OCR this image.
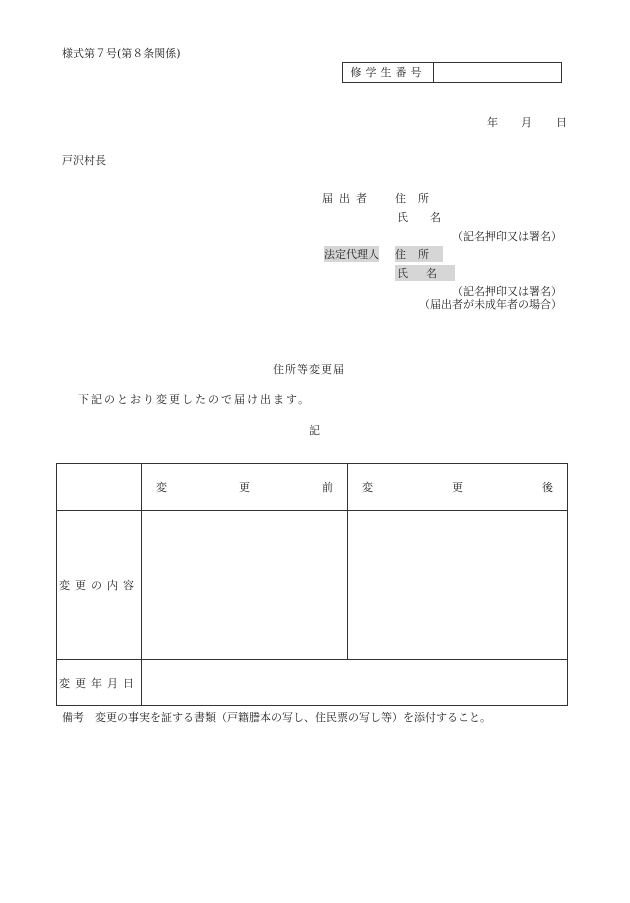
様式第７号(第８条関係)
修学生番号
年 月 日
戸沢村長
届出者 住所
氏名
（記名押印又は署名）
法定代理人 住所
氏名
（記名押印又は署名）
（届出者が未成年者の場合）
住所等変更届
下記のとおり変更したので届け出ます。
記

	変 更 前	変 更 後

変更の内容		
変更年月日		
備考　変更の事実を証する書類（戸籍謄本の写し、住民票の写し等）を添付すること。
